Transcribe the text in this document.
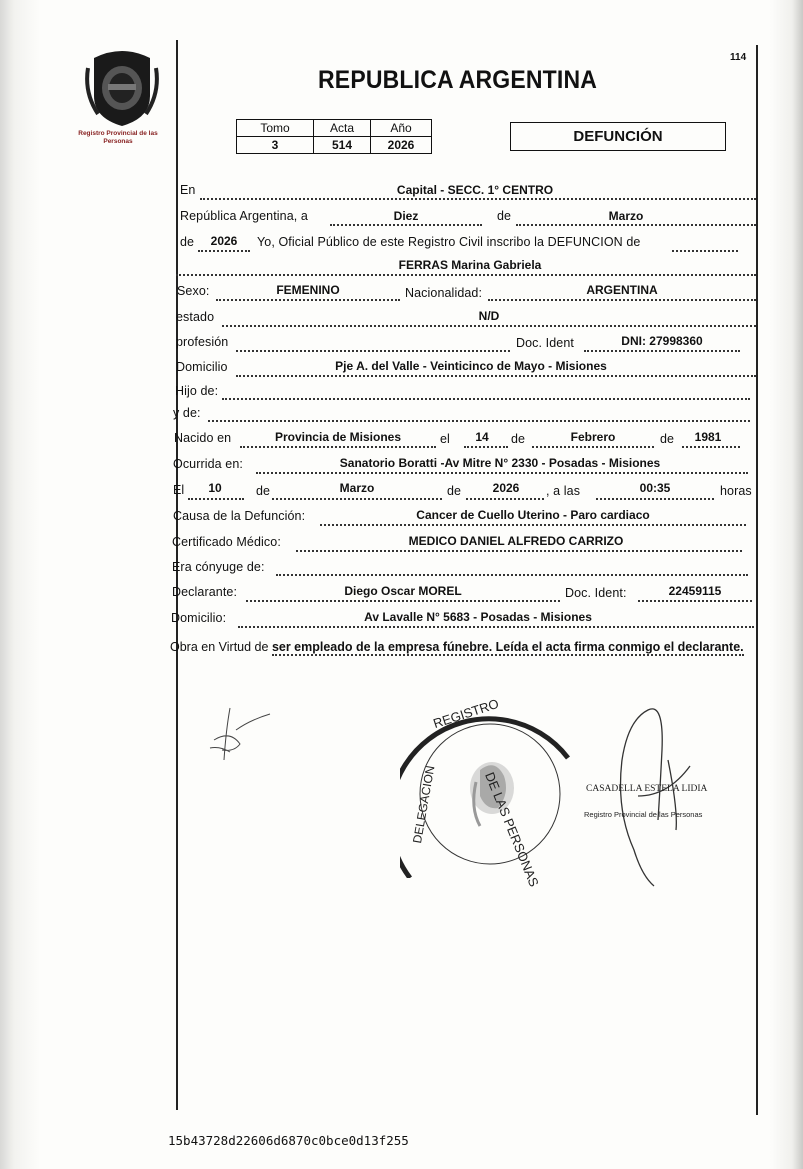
Registro Provincial de las Personas
114
REPUBLICA ARGENTINA
Tomo	Acta	Año
3	514	2026	DEFUNCIÓN
En	Capital - SECC. 1° CENTRO
República Argentina, a	Diez	de	Marzo
de	2026	Yo, Oficial Público de este Registro Civil inscribo la DEFUNCION de
FERRAS Marina Gabriela
Sexo:	FEMENINO	Nacionalidad:	ARGENTINA
estado	N/D
profesión	Doc. Ident	DNI: 27998360
Domicilio	Pje A. del Valle - Veinticinco de Mayo - Misiones
Hijo de:
y de:
Nacido en	Provincia de Misiones	el	14	de	Febrero	de	1981
Ocurrida en:	Sanatorio Boratti -Av Mitre N° 2330 - Posadas - Misiones
El	10	de	Marzo	de	2026	, a las	00:35	horas
Causa de la Defunción:	Cancer de Cuello Uterino - Paro cardiaco
Certificado Médico:	MEDICO DANIEL ALFREDO CARRIZO
Era cónyuge de:
Declarante:	Diego Oscar MOREL	Doc. Ident:	22459115
Domicilio:	Av Lavalle N° 5683 - Posadas - Misiones
Obra en Virtud de ser empleado de la empresa fúnebre. Leída el acta firma conmigo el declarante.
REGISTRO
DE LAS PERSONAS
DELEGACION	CASADELLA ESTELA LIDIA
Registro Provincial de las Personas
15b43728d22606d6870c0bce0d13f255
